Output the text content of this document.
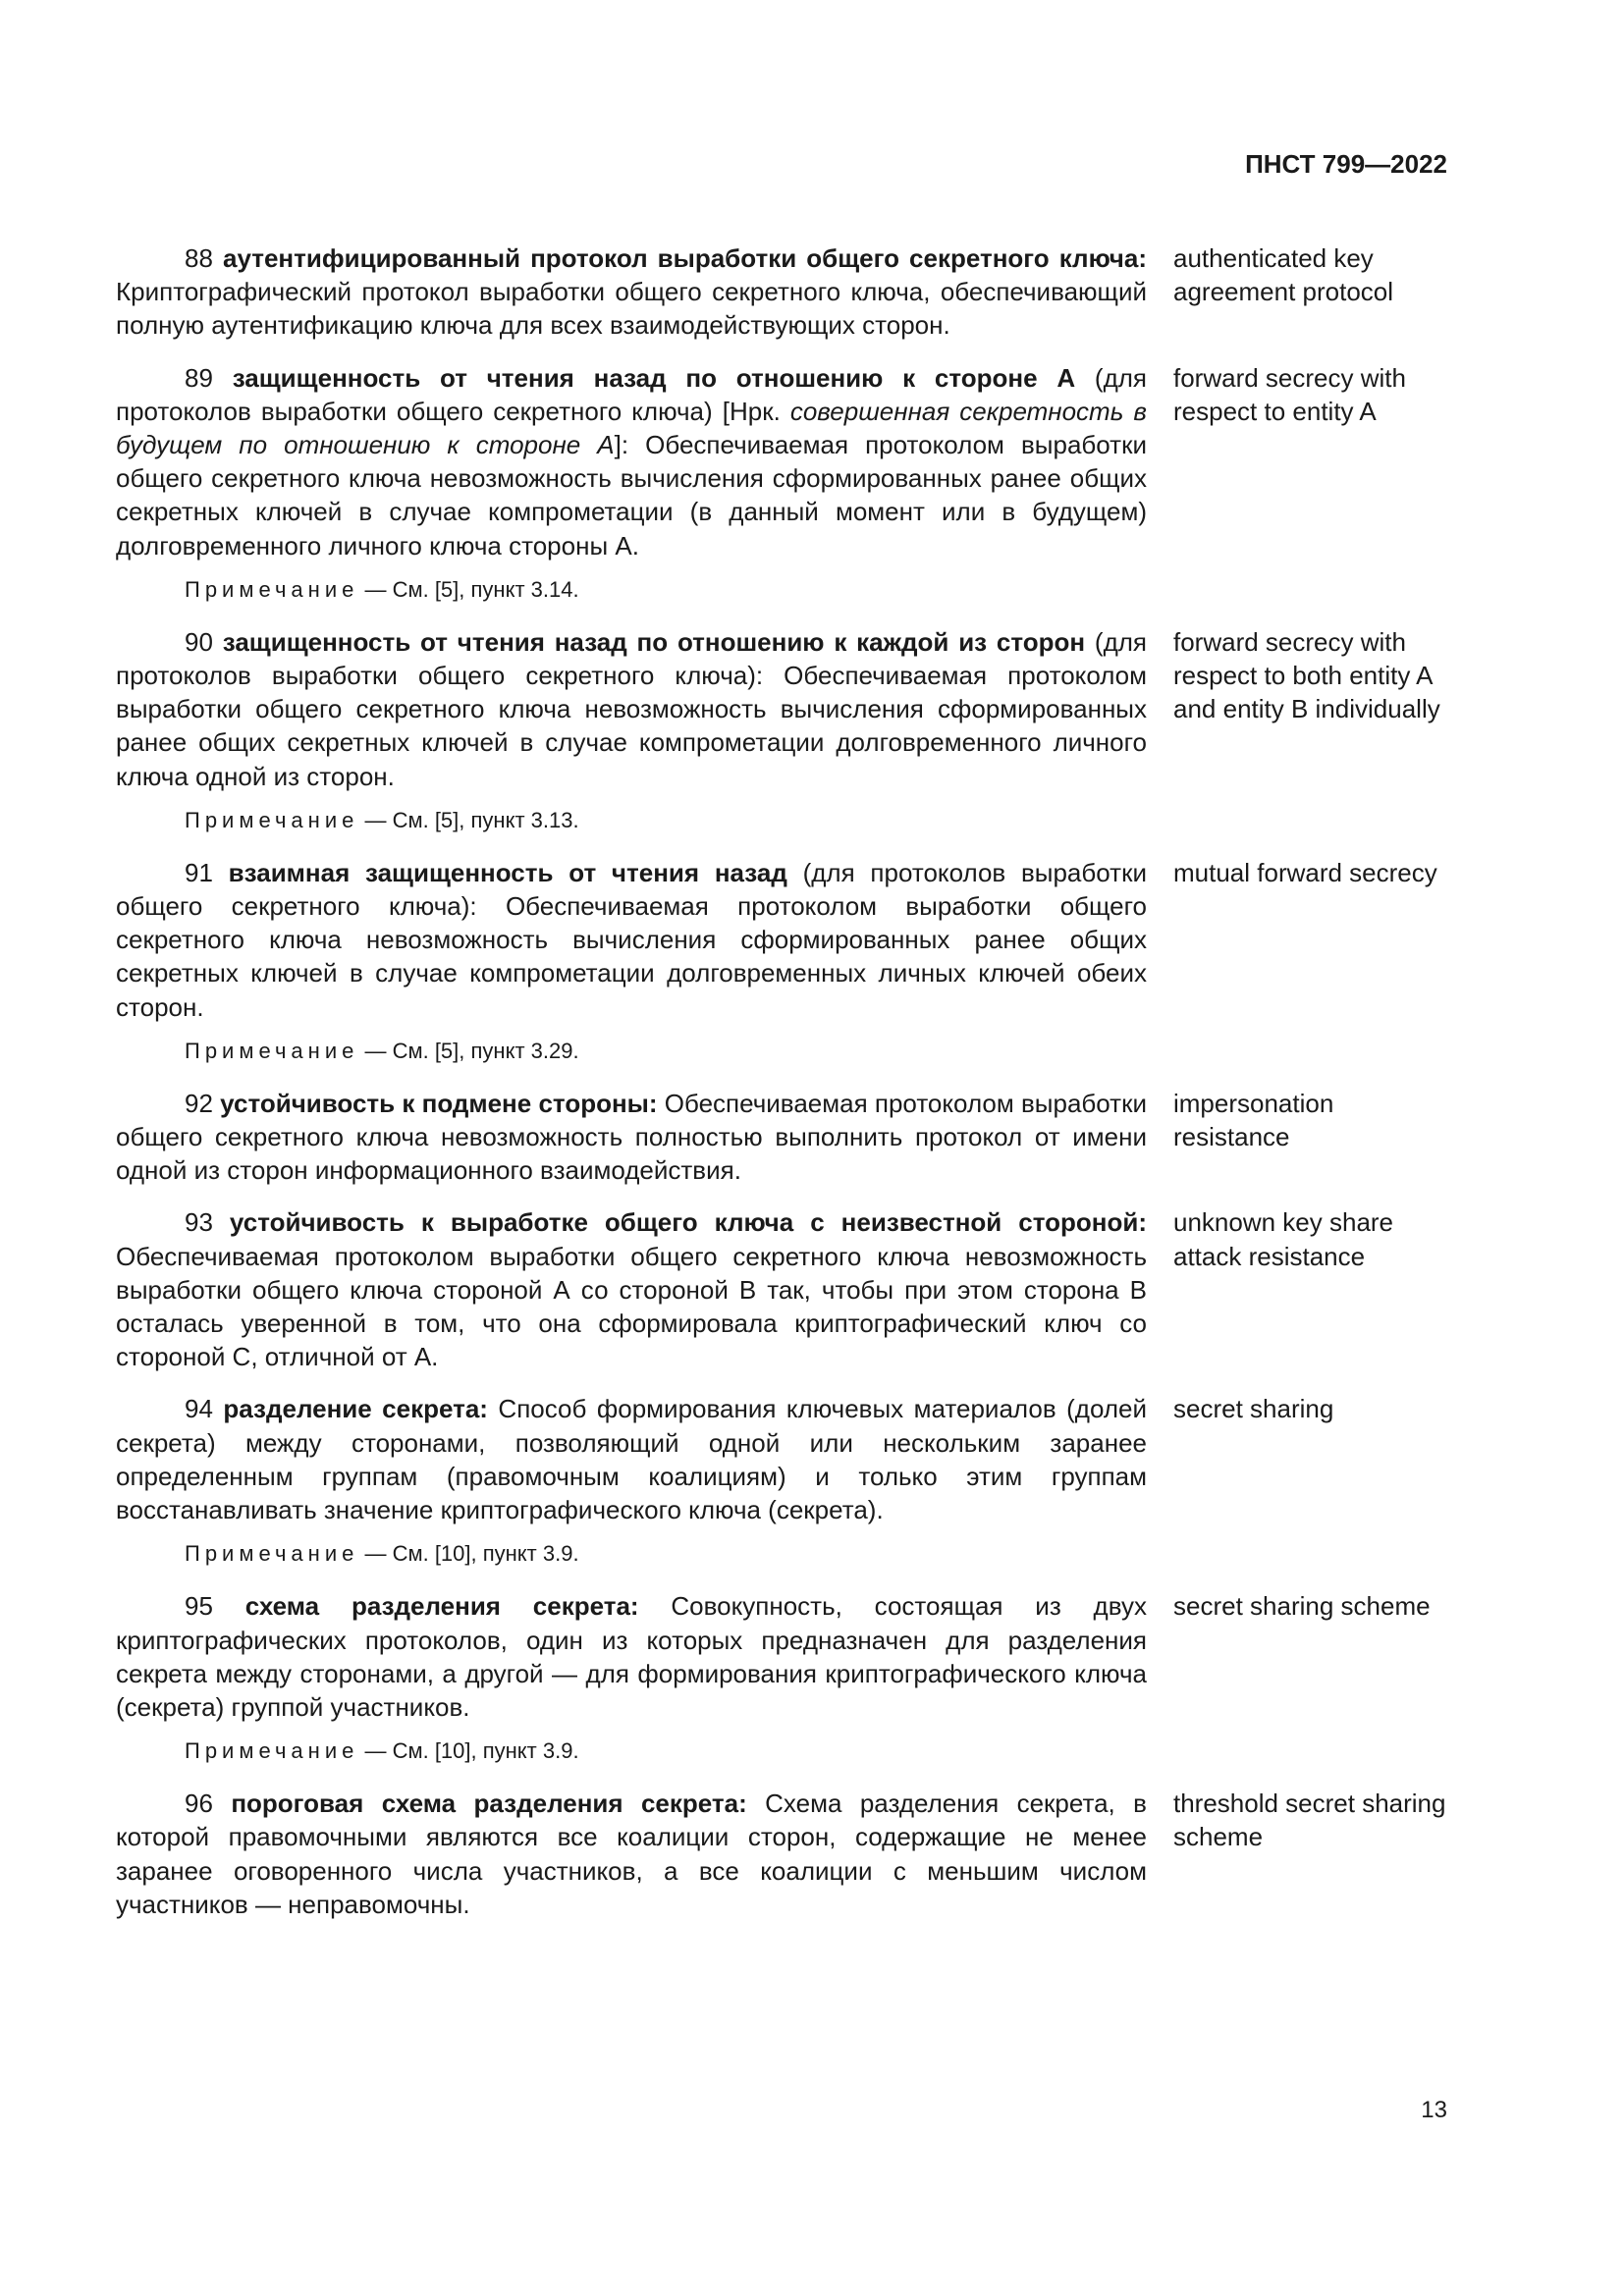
ПНСТ 799—2022
88 аутентифицированный протокол выработки общего секретного ключа: Криптографический протокол выработки общего секретного ключа, обеспечивающий полную аутентификацию ключа для всех взаимодействующих сторон.
authenticated key agreement protocol
89 защищенность от чтения назад по отношению к стороне А (для протоколов выработки общего секретного ключа) [Нрк. совершенная секретность в будущем по отношению к стороне А]: Обеспечиваемая протоколом выработки общего секретного ключа невозможность вычисления сформированных ранее общих секретных ключей в случае компрометации (в данный момент или в будущем) долговременного личного ключа стороны А.
forward secrecy with respect to entity A
Примечание — См. [5], пункт 3.14.
90 защищенность от чтения назад по отношению к каждой из сторон (для протоколов выработки общего секретного ключа): Обеспечиваемая протоколом выработки общего секретного ключа невозможность вычисления сформированных ранее общих секретных ключей в случае компрометации долговременного личного ключа одной из сторон.
forward secrecy with respect to both entity A and entity B individually
Примечание — См. [5], пункт 3.13.
91 взаимная защищенность от чтения назад (для протоколов выработки общего секретного ключа): Обеспечиваемая протоколом выработки общего секретного ключа невозможность вычисления сформированных ранее общих секретных ключей в случае компрометации долговременных личных ключей обеих сторон.
mutual forward secrecy
Примечание — См. [5], пункт 3.29.
92 устойчивость к подмене стороны: Обеспечиваемая протоколом выработки общего секретного ключа невозможность полностью выполнить протокол от имени одной из сторон информационного взаимодействия.
impersonation resistance
93 устойчивость к выработке общего ключа с неизвестной стороной: Обеспечиваемая протоколом выработки общего секретного ключа невозможность выработки общего ключа стороной А со стороной В так, чтобы при этом сторона В осталась уверенной в том, что она сформировала криптографический ключ со стороной С, отличной от А.
unknown key share attack resistance
94 разделение секрета: Способ формирования ключевых материалов (долей секрета) между сторонами, позволяющий одной или нескольким заранее определенным группам (правомочным коалициям) и только этим группам восстанавливать значение криптографического ключа (секрета).
secret sharing
Примечание — См. [10], пункт 3.9.
95 схема разделения секрета: Совокупность, состоящая из двух криптографических протоколов, один из которых предназначен для разделения секрета между сторонами, а другой — для формирования криптографического ключа (секрета) группой участников.
secret sharing scheme
Примечание — См. [10], пункт 3.9.
96 пороговая схема разделения секрета: Схема разделения секрета, в которой правомочными являются все коалиции сторон, содержащие не менее заранее оговоренного числа участников, а все коалиции с меньшим числом участников — неправомочны.
threshold secret sharing scheme
13
